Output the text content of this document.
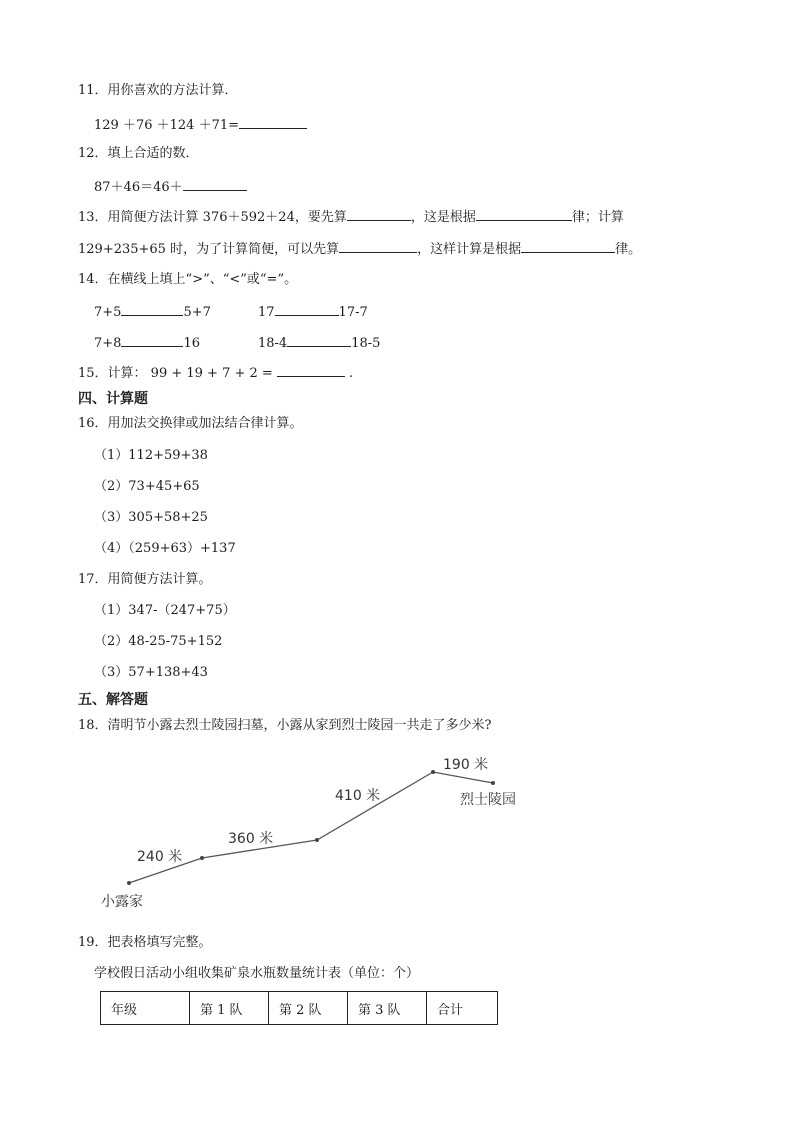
11．用你喜欢的方法计算．
129 ＋76 ＋124 ＋71=
12．填上合适的数．
87＋46＝46＋
13．用简便方法计算 376＋592＋24，要先算	，这是根据	律；计算
129+235+65 时，为了计算简便，可以先算	，这样计算是根据	律。
14．在横线上填上“>”、“<”或“=”。
7+5	5+7	17	17-7
7+8	16	18-4	18-5
15．计算： 99 + 19 + 7 + 2 =	.
四、计算题
16．用加法交换律或加法结合律计算。
（1）112+59+38
（2）73+45+65
（3）305+58+25
（4）（259+63）+137
17．用简便方法计算。
（1）347-（247+75）
（2）48-25-75+152
（3）57+138+43
五、解答题
18．清明节小露去烈士陵园扫墓，小露从家到烈士陵园一共走了多少米?
240 米
360 米
410 米
190 米
烈士陵园
小露家
19．把表格填写完整。
学校假日活动小组收集矿泉水瓶数量统计表（单位：个）
年级	第 1 队	第 2 队	第 3 队	合计
